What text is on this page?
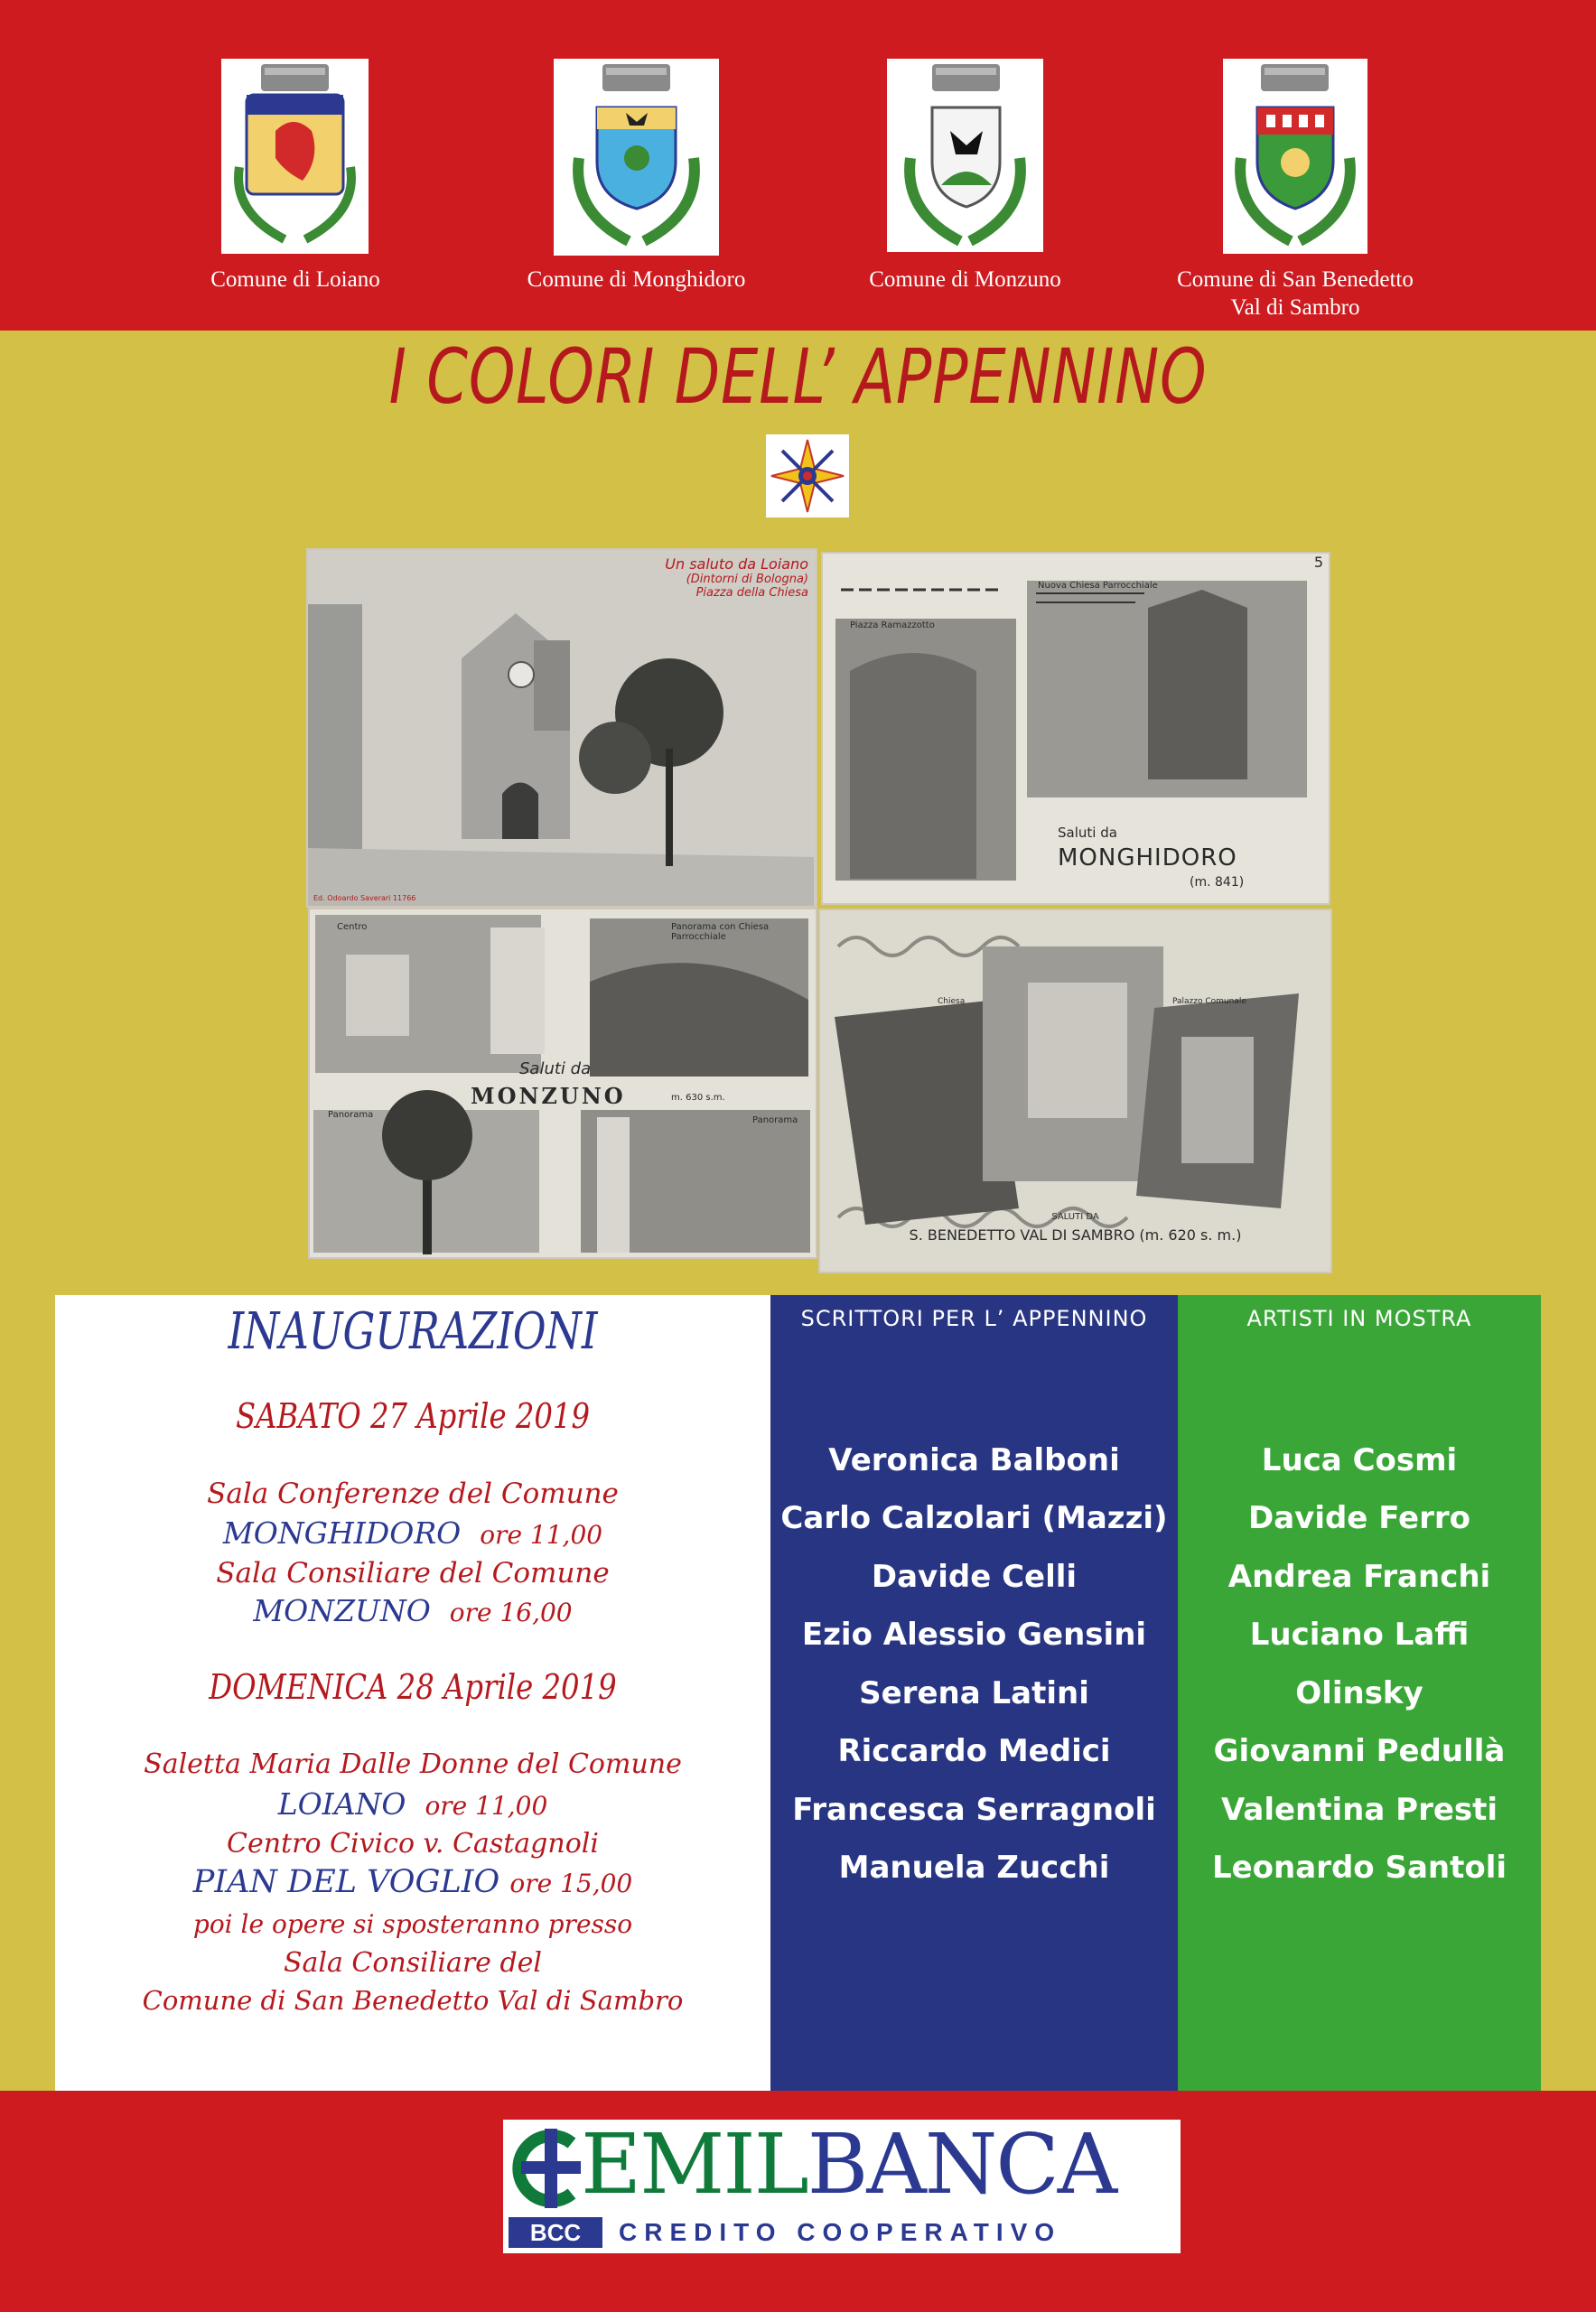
Comune di Loiano	Comune di Monghidoro	Comune di Monzuno	Comune di San Benedetto
Val di Sambro
I COLORI DELL’ APPENNINO
Un saluto da Loiano
(Dintorni di Bologna)
Piazza della Chiesa
Ed. Odoardo Saverari 11766
Piazza Ramazzotto
Nuova Chiesa Parrocchiale
5
Saluti da
MONGHIDORO
(m. 841)
Centro	Panorama con Chiesa Parrocchiale
Panorama
Panorama
Saluti da
MONZUNO	m. 630 s.m.
Chiesa	Palazzo Comunale
SALUTI DA
S. BENEDETTO VAL DI SAMBRO (m. 620 s. m.)
INAUGURAZIONI
SABATO 27 Aprile 2019
Sala Conferenze del Comune
MONGHIDORO ore 11,00
Sala Consiliare del Comune
MONZUNO ore 16,00
DOMENICA 28 Aprile 2019
Saletta Maria Dalle Donne del Comune
LOIANO ore 11,00
Centro Civico v. Castagnoli
PIAN DEL VOGLIO ore 15,00
poi le opere si sposteranno presso
Sala Consiliare del
Comune di San Benedetto Val di Sambro
SCRITTORI PER L’ APPENNINO
Veronica Balboni
Carlo Calzolari (Mazzi)
Davide Celli
Ezio Alessio Gensini
Serena Latini
Riccardo Medici
Francesca Serragnoli
Manuela Zucchi
ARTISTI IN MOSTRA
Luca Cosmi
Davide Ferro
Andrea Franchi
Luciano Laffi
Olinsky
Giovanni Pedullà
Valentina Presti
Leonardo Santoli
EMILBANCA
BCC	CREDITO COOPERATIVO
